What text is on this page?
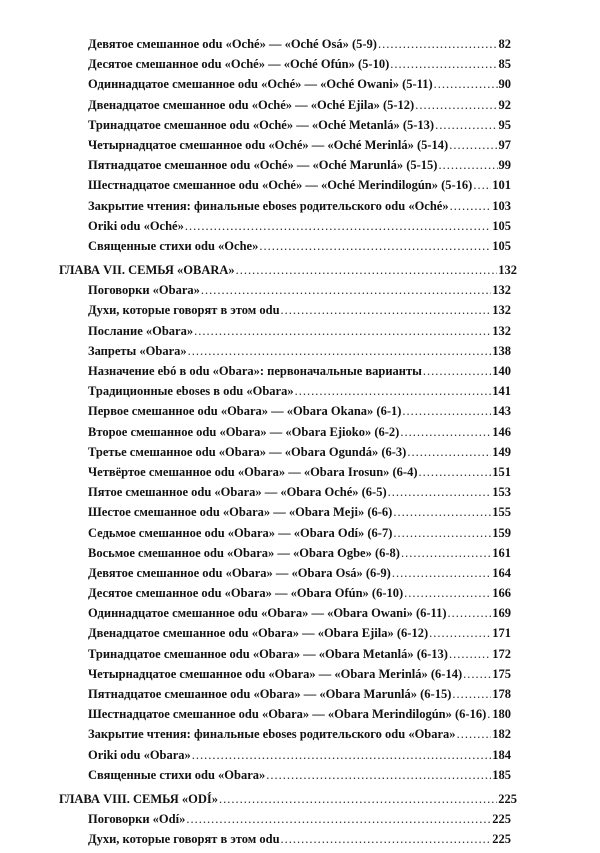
Девятое смешанное odu «Oché» — «Oché Osá» (5-9) .....	82
Десятое смешанное odu «Oché» — «Oché Ofún» (5-10) .....	85
Одиннадцатое смешанное odu «Oché» — «Oché Owani» (5-11) .....	90
Двенадцатое смешанное odu «Oché» — «Oché Ejila» (5-12) .....	92
Тринадцатое смешанное odu «Oché» — «Oché Metanlá» (5-13) .....	95
Четырнадцатое смешанное odu «Oché» — «Oché Merinlá» (5-14) .....	97
Пятнадцатое смешанное odu «Oché» — «Oché Marunlá» (5-15) .....	99
Шестнадцатое смешанное odu «Oché» — «Oché Merindilogún» (5-16) ..... 101
Закрытие чтения: финальные eboses родительского odu «Oché» .....	103
Oriki odu «Oché» .....	105
Священные стихи odu «Oche» .....	105
ГЛАВА VII. СЕМЬЯ «OBARA» .....	132
Поговорки «Obara» .....	132
Духи, которые говорят в этом odu .....	132
Послание «Obara» .....	132
Запреты «Obara» .....	138
Назначение ebó в odu «Obara»: первоначальные варианты .....	140
Традиционные eboses в odu «Obara» .....	141
Первое смешанное odu «Obara» — «Obara Okana» (6-1) .....	143
Второе смешанное odu «Obara» — «Obara Ejioko» (6-2) .....	146
Третье смешанное odu «Obara» — «Obara Ogundá» (6-3) .....	149
Четвёртое смешанное odu «Obara» — «Obara Irosun» (6-4) .....	151
Пятое смешанное odu «Obara» — «Obara Oché» (6-5) .....	153
Шестое смешанное odu «Obara» — «Obara Meji» (6-6) .....	155
Седьмое смешанное odu «Obara» — «Obara Odí» (6-7) .....	159
Восьмое смешанное odu «Obara» — «Obara Ogbe» (6-8) .....	161
Девятое смешанное odu «Obara» — «Obara Osá» (6-9) .....	164
Десятое смешанное odu «Obara» — «Obara Ofún» (6-10) .....	166
Одиннадцатое смешанное odu «Obara» — «Obara Owani» (6-11) .....	169
Двенадцатое смешанное odu «Obara» — «Obara Ejila» (6-12) .....	171
Тринадцатое смешанное odu «Obara» — «Obara Metanlá» (6-13) .....	172
Четырнадцатое смешанное odu «Obara» — «Obara Merinlá» (6-14) ..... 175
Пятнадцатое смешанное odu «Obara» — «Obara Marunlá» (6-15) .....	178
Шестнадцатое смешанное odu «Obara» — «Obara Merindilogún» (6-16) ..... 180
Закрытие чтения: финальные eboses родительского odu «Obara» .....	182
Oriki odu «Obara» .....	184
Священные стихи odu «Obara» .....	185
ГЛАВА VIII. СЕМЬЯ «ODÍ» .....	225
Поговорки «Odí» .....	225
Духи, которые говорят в этом odu .....	225
